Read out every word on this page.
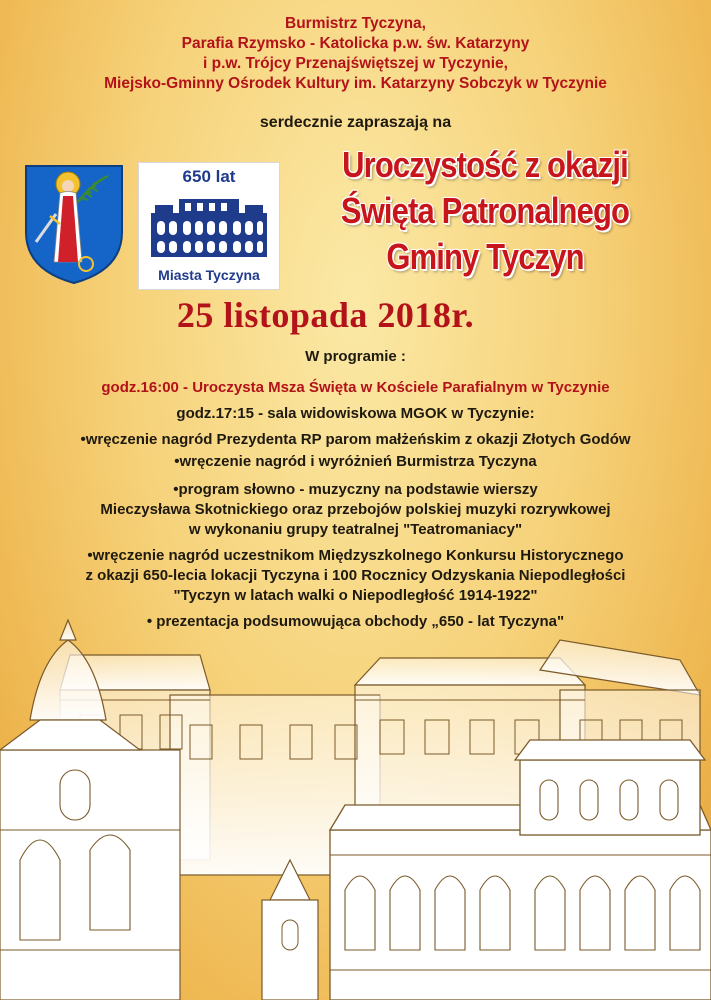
Burmistrz Tyczyna,
Parafia Rzymsko - Katolicka p.w. św. Katarzyny
i p.w. Trójcy Przenajświętszej w Tyczynie,
Miejsko-Gminny Ośrodek Kultury im. Katarzyny Sobczyk w Tyczynie
serdecznie zapraszają na
650 lat
Miasta Tyczyna
Uroczystość z okazji
Święta Patronalnego
Gminy Tyczyn
25 listopada 2018r.
W programie :
godz.16:00 - Uroczysta Msza Święta w Kościele Parafialnym w Tyczynie
godz.17:15 - sala widowiskowa MGOK w Tyczynie:
•wręczenie nagród Prezydenta RP parom małżeńskim z okazji Złotych Godów
•wręczenie nagród i wyróżnień Burmistrza Tyczyna
•program słowno - muzyczny na podstawie wierszy
Mieczysława Skotnickiego oraz przebojów polskiej muzyki rozrywkowej
w wykonaniu grupy teatralnej "Teatromaniacy"
•wręczenie nagród uczestnikom Międzyszkolnego Konkursu Historycznego
z okazji 650-lecia lokacji Tyczyna i 100 Rocznicy Odzyskania Niepodległości
"Tyczyn w latach walki o Niepodległość 1914-1922"
• prezentacja podsumowująca obchody „650 - lat Tyczyna"
